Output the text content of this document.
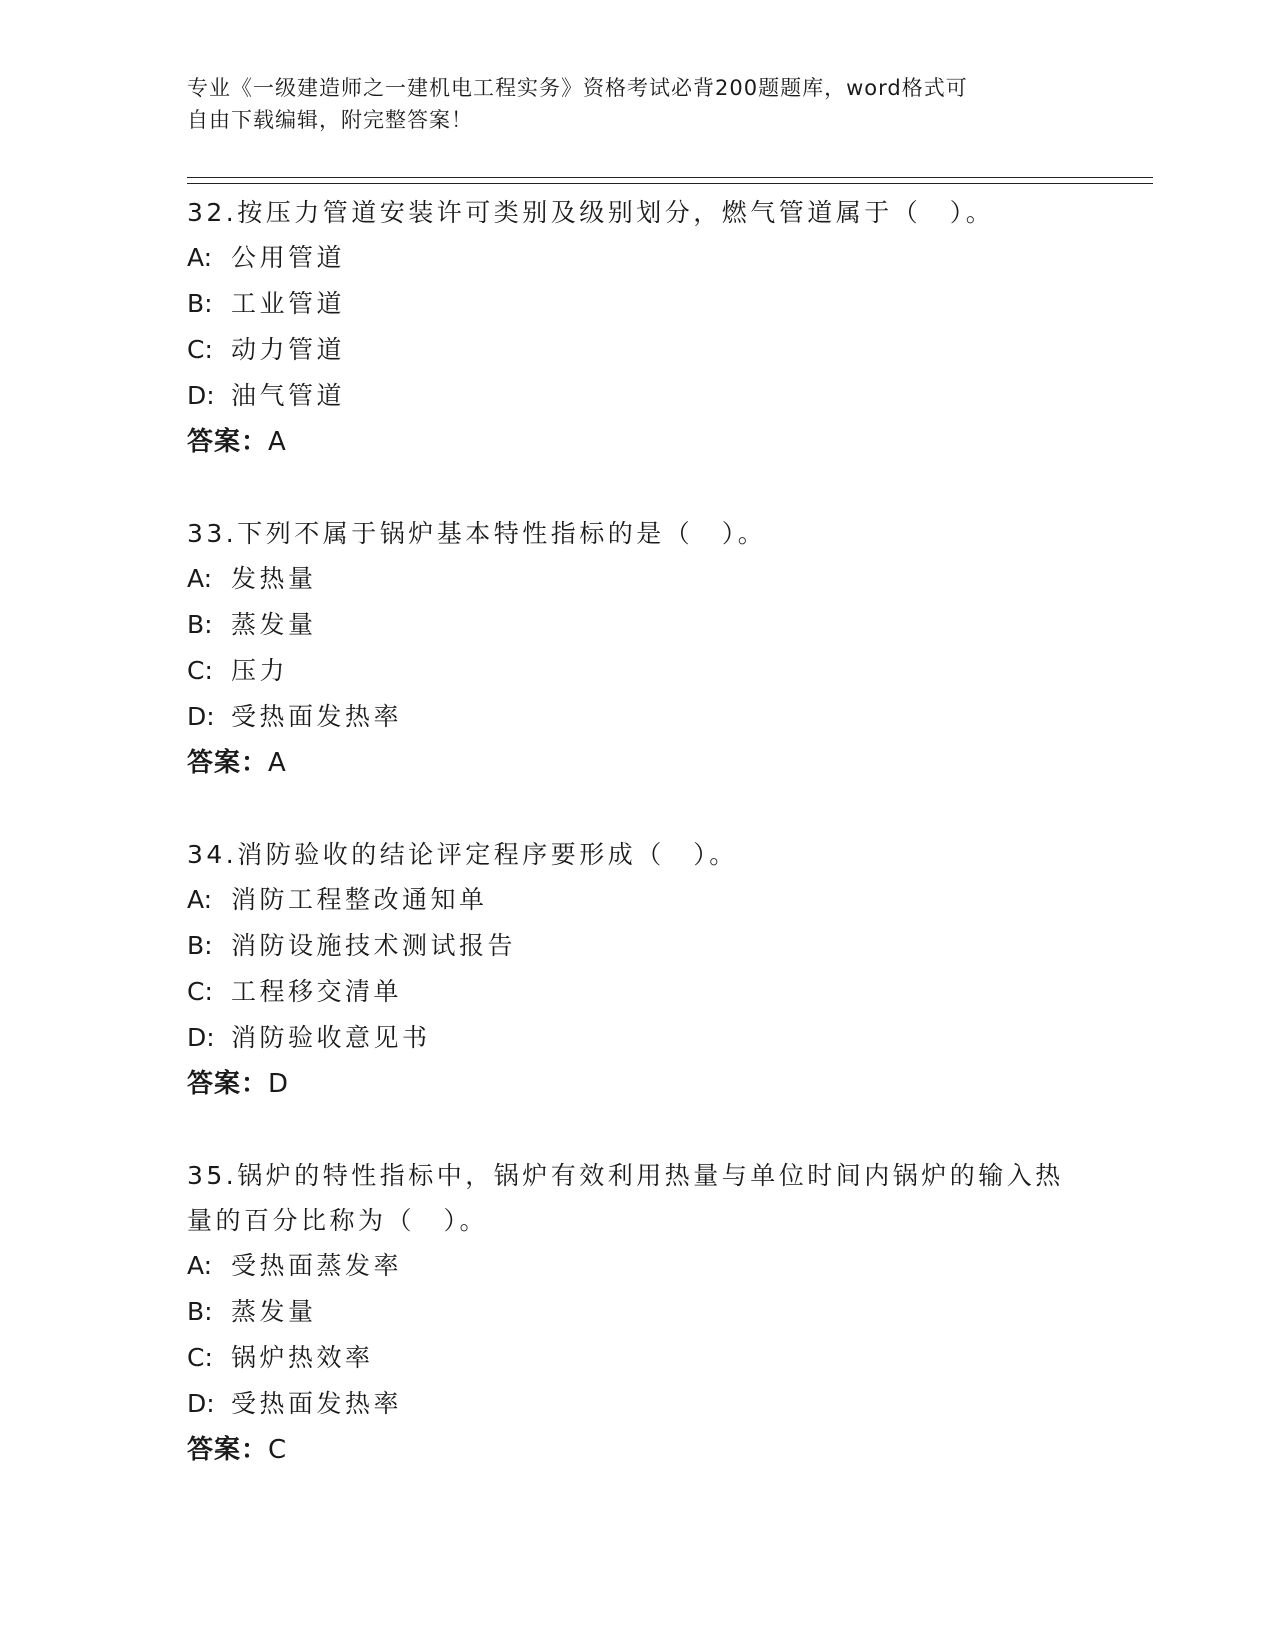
专业《一级建造师之一建机电工程实务》资格考试必背200题题库，word格式可
自由下载编辑，附完整答案！
32.按压力管道安装许可类别及级别划分，燃气管道属于（　）。
A: 公用管道
B: 工业管道
C: 动力管道
D: 油气管道
答案：A
33.下列不属于锅炉基本特性指标的是（　）。
A: 发热量
B: 蒸发量
C: 压力
D: 受热面发热率
答案：A
34.消防验收的结论评定程序要形成（　）。
A: 消防工程整改通知单
B: 消防设施技术测试报告
C: 工程移交清单
D: 消防验收意见书
答案：D
35.锅炉的特性指标中，锅炉有效利用热量与单位时间内锅炉的输入热
量的百分比称为（　）。
A: 受热面蒸发率
B: 蒸发量
C: 锅炉热效率
D: 受热面发热率
答案：C
